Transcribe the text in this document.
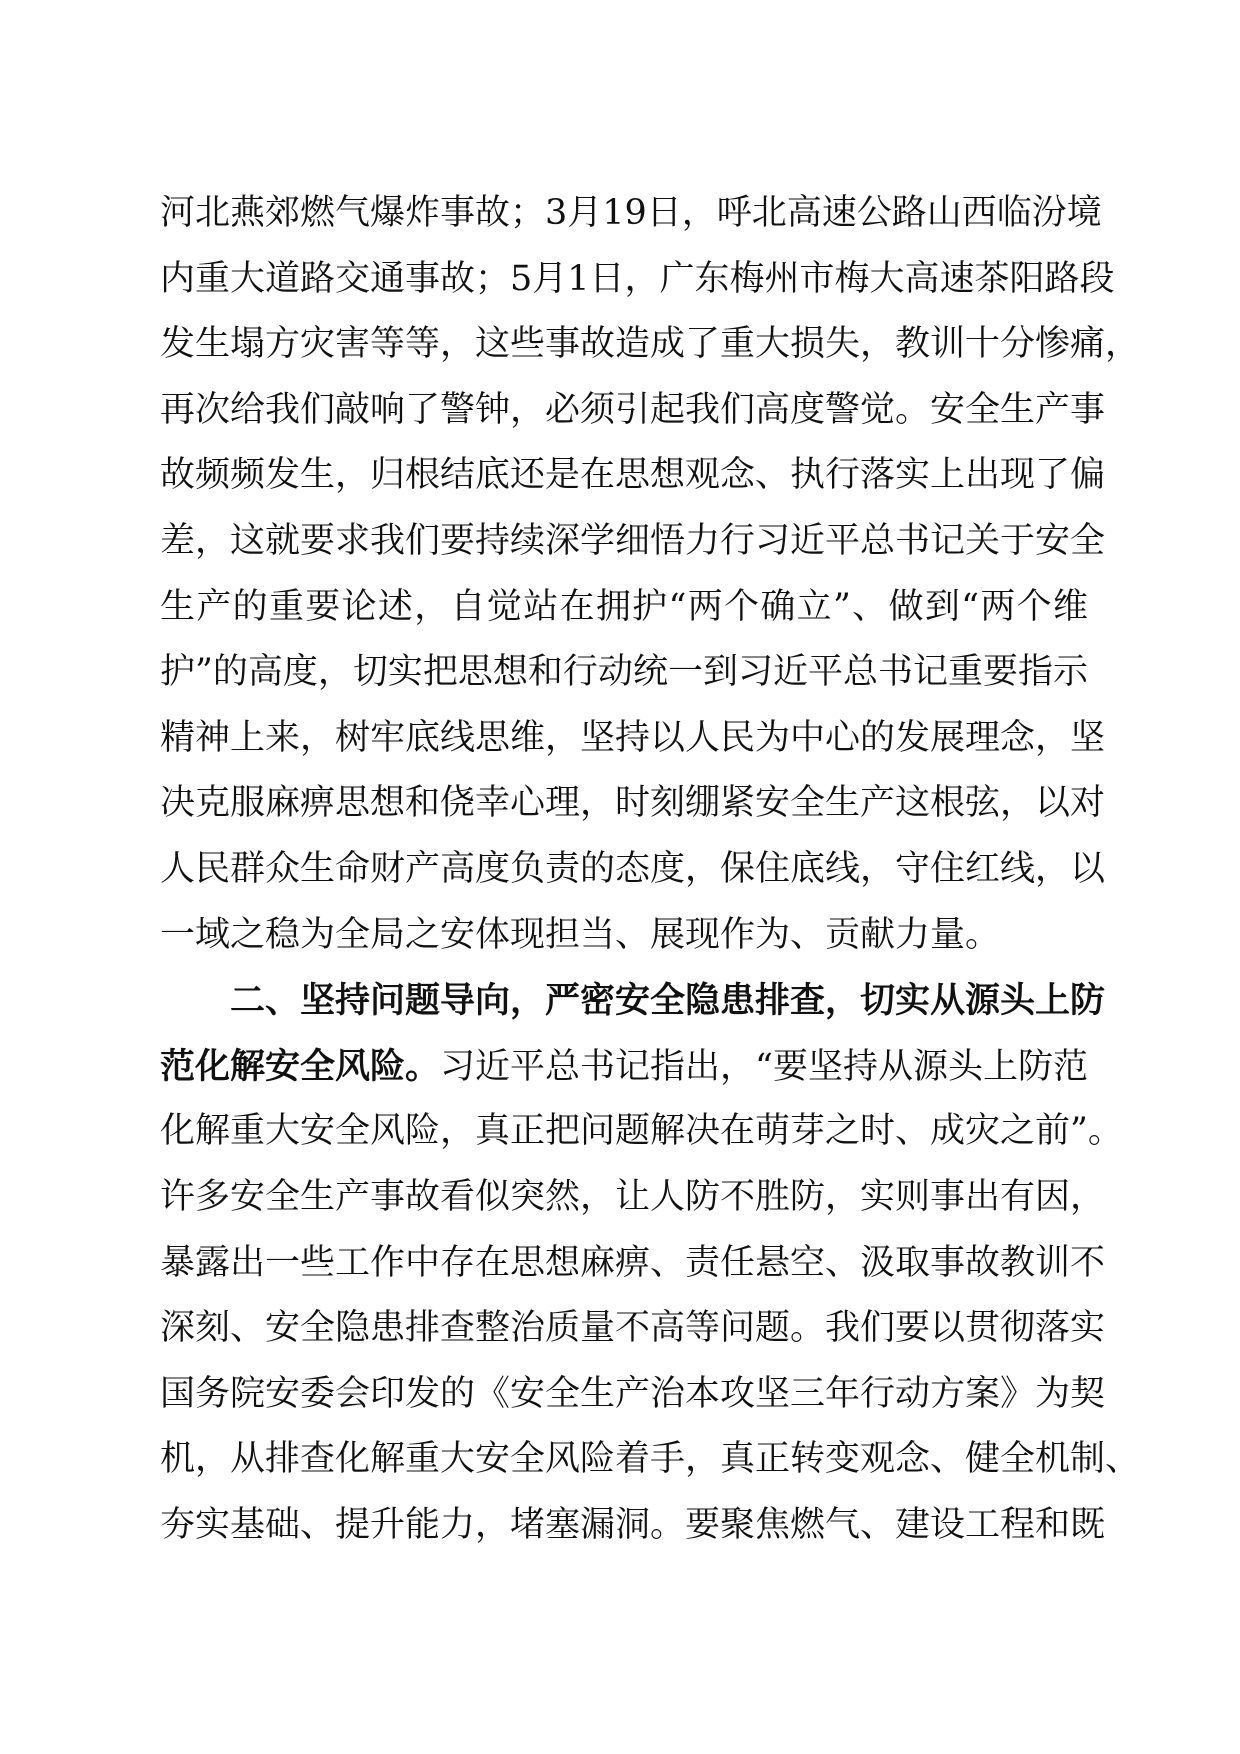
河北燕郊燃气爆炸事故；3月19日，呼北高速公路山西临汾境
内重大道路交通事故；5月1日，广东梅州市梅大高速茶阳路段
发生塌方灾害等等，这些事故造成了重大损失，教训十分惨痛，
再次给我们敲响了警钟，必须引起我们高度警觉。安全生产事
故频频发生，归根结底还是在思想观念、执行落实上出现了偏
差，这就要求我们要持续深学细悟力行习近平总书记关于安全
生产的重要论述，自觉站在拥护“两个确立”、做到“两个维
护”的高度，切实把思想和行动统一到习近平总书记重要指示
精神上来，树牢底线思维，坚持以人民为中心的发展理念，坚
决克服麻痹思想和侥幸心理，时刻绷紧安全生产这根弦，以对
人民群众生命财产高度负责的态度，保住底线，守住红线，以
一域之稳为全局之安体现担当、展现作为、贡献力量。
二、坚持问题导向，严密安全隐患排查，切实从源头上防
范化解安全风险。习近平总书记指出，“要坚持从源头上防范
化解重大安全风险，真正把问题解决在萌芽之时、成灾之前”。
许多安全生产事故看似突然，让人防不胜防，实则事出有因，
暴露出一些工作中存在思想麻痹、责任悬空、汲取事故教训不
深刻、安全隐患排查整治质量不高等问题。我们要以贯彻落实
国务院安委会印发的《安全生产治本攻坚三年行动方案》为契
机，从排查化解重大安全风险着手，真正转变观念、健全机制、
夯实基础、提升能力，堵塞漏洞。要聚焦燃气、建设工程和既
